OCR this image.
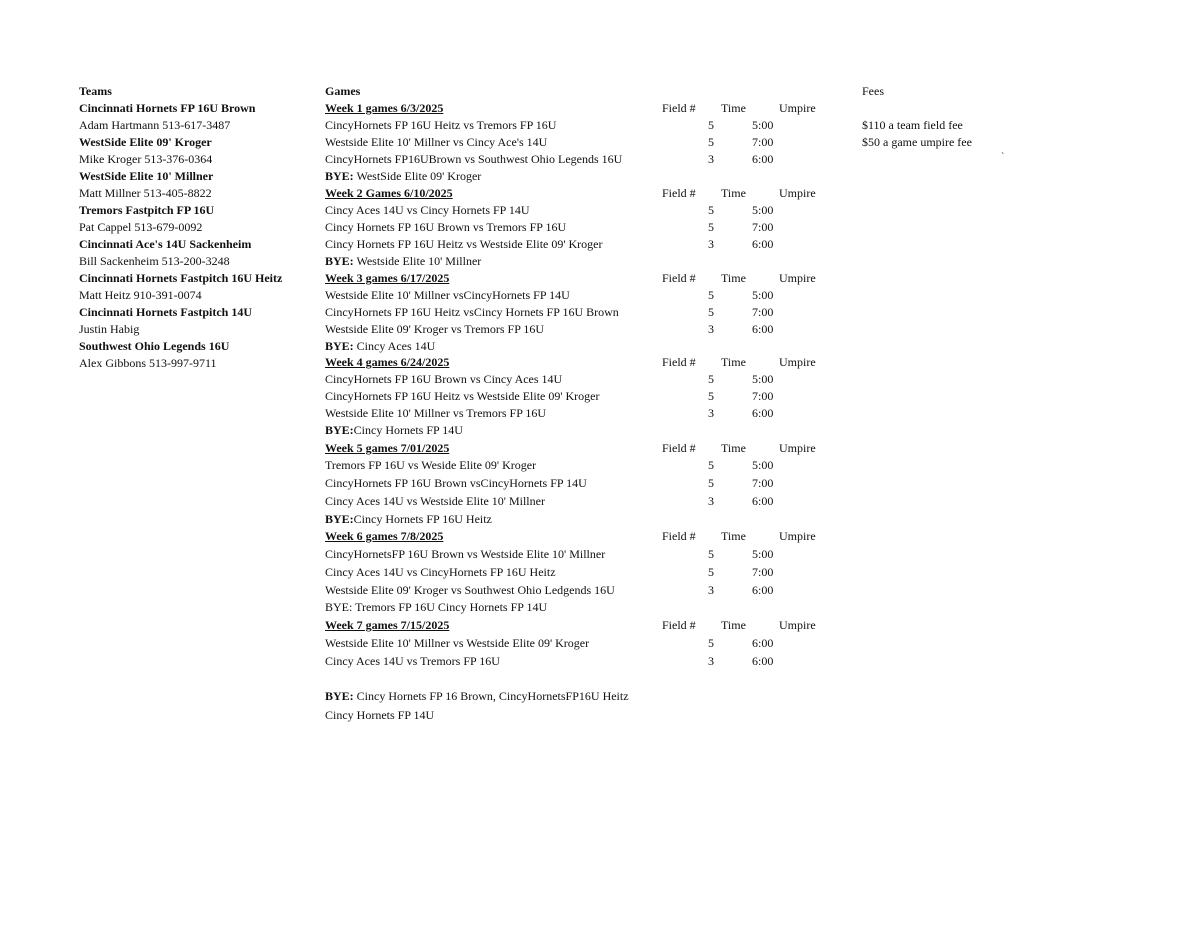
Teams	Games	Fees
Cincinnati Hornets FP 16U Brown
Adam Hartmann 513-617-3487
WestSide Elite 09' Kroger
Mike Kroger 513-376-0364
WestSide Elite 10' Millner
Matt Millner 513-405-8822
Tremors Fastpitch FP 16U
Pat Cappel 513-679-0092
Cincinnati Ace's 14U Sackenheim
Bill Sackenheim 513-200-3248
Cincinnati Hornets Fastpitch 16U Heitz
Matt Heitz 910-391-0074
Cincinnati Hornets Fastpitch 14U
Justin Habig
Southwest Ohio Legends 16U
Alex Gibbons 513-997-9711
$110 a team field fee
$50 a game umpire fee
`
Week 1 games 6/3/2025	Field # Time	Umpire
CincyHornets FP 16U Heitz vs Tremors FP 16U	5	5:00
Westside Elite 10' Millner vs Cincy Ace's 14U	5	7:00
CincyHornets FP16UBrown vs Southwest Ohio Legends 16U	3	6:00
BYE: WestSide Elite 09' Kroger
Week 2 Games 6/10/2025	Field # Time	Umpire
Cincy Aces 14U vs Cincy Hornets FP 14U	5	5:00
Cincy Hornets FP 16U Brown vs Tremors FP 16U	5	7:00
Cincy Hornets FP 16U Heitz vs Westside Elite 09' Kroger	3	6:00
BYE: Westside Elite 10' Millner
Week 3 games 6/17/2025	Field # Time	Umpire
Westside Elite 10' Millner vsCincyHornets FP 14U	5	5:00
CincyHornets FP 16U Heitz vsCincy Hornets FP 16U Brown	5	7:00
Westside Elite 09' Kroger vs Tremors FP 16U	3	6:00
BYE: Cincy Aces 14U
Week 4 games 6/24/2025	Field # Time	Umpire
CincyHornets FP 16U Brown vs Cincy Aces 14U	5	5:00
CincyHornets FP 16U Heitz vs Westside Elite 09' Kroger	5	7:00
Westside Elite 10' Millner vs Tremors FP 16U	3	6:00
BYE:Cincy Hornets FP 14U
Week 5 games 7/01/2025	Field # Time	Umpire
Tremors FP 16U vs Weside Elite 09' Kroger	5	5:00
CincyHornets FP 16U Brown vsCincyHornets FP 14U	5	7:00
Cincy Aces 14U vs Westside Elite 10' Millner	3	6:00
BYE:Cincy Hornets FP 16U Heitz
Week 6 games 7/8/2025	Field # Time	Umpire
CincyHornetsFP 16U Brown vs Westside Elite 10' Millner	5	5:00
Cincy Aces 14U vs CincyHornets FP 16U Heitz	5	7:00
Westside Elite 09' Kroger vs Southwest Ohio Ledgends 16U	3	6:00
BYE: Tremors FP 16U Cincy Hornets FP 14U
Week 7 games 7/15/2025	Field # Time	Umpire
Westside Elite 10' Millner vs Westside Elite 09' Kroger	5	6:00
Cincy Aces 14U vs Tremors FP 16U	3	6:00
BYE: Cincy Hornets FP 16 Brown, CincyHornetsFP16U Heitz
Cincy Hornets FP 14U
